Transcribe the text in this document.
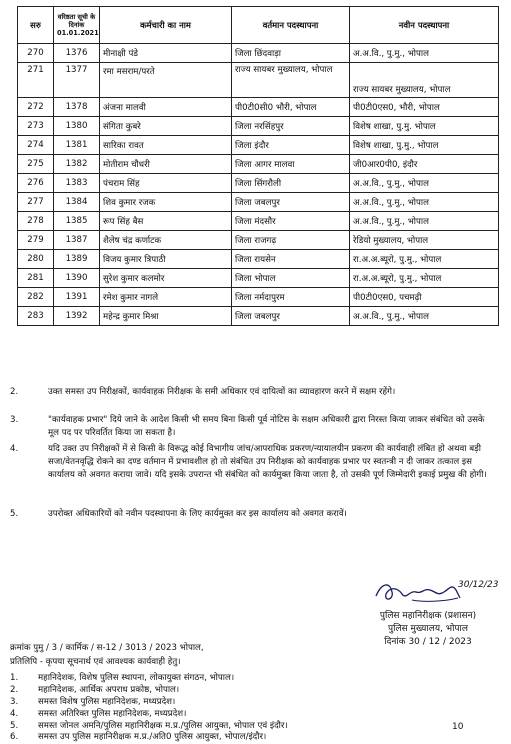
सरु	वरिष्ठता सूची के दिनांक 01.01.2021	कर्मचारी का नाम	वर्तमान पदस्थापना	नवीन पदस्थापना
270	1376	मीनाक्षी पंडे	जिला छिंदवाड़ा	अ.अ.वि., पु.मु., भोपाल
271	1377	रमा मसराम/परते	राज्य सायबर मुख्यालय, भोपाल	राज्य सायबर मुख्यालय, भोपाल
272	1378	अंजना मालवी	पी0टी0सी0 भौरी, भोपाल	पी0टी0एस0, भौरी, भोपाल
273	1380	संगिता कुबरे	जिला नरसिंहपुर	विशेष शाखा, पु.मु. भोपाल
274	1381	सारिका रावत	जिला इंदौर	विशेष शाखा, पु.मु., भोपाल
275	1382	मोतीराम चौधरी	जिला आगर मालवा	जी0आर0पी0, इंदौर
276	1383	पंचराम सिंह	जिला सिंगरौली	अ.अ.वि., पु.मु., भोपाल
277	1384	शिव कुमार रजक	जिला जबलपुर	अ.अ.वि., पु.मु., भोपाल
278	1385	रूप सिंह बैस	जिला मंदसौर	अ.अ.वि., पु.मु., भोपाल
279	1387	शैलेष चंद्र कर्णाटक	जिला राजगढ़	रेडियो मुख्यालय, भोपाल
280	1389	विजय कुमार त्रिपाठी	जिला रायसेन	रा.अ.अ.ब्यूरो, पु.मु., भोपाल
281	1390	सुरेश कुमार कलमोर	जिला भोपाल	रा.अ.अ.ब्यूरो, पु.मु., भोपाल
282	1391	रमेश कुमार नागले	जिला नर्मदापुरम	पी0टी0एस0, पचमढ़ी
283	1392	महेन्द्र कुमार मिश्रा	जिला जबलपुर	अ.अ.वि., पु.मु., भोपाल
2.	उक्त समस्त उप निरीक्षकों, कार्यवाहक निरीक्षक के समी अधिकार एवं दायित्वों का व्यावहारण करने में सक्षम रहेंगे।
3.	"कार्यवाहक प्रभार" दिये जाने के आदेश किसी भी समय बिना किसी पूर्व नोटिस के सक्षम अधिकारी द्वारा निरस्त किया जाकर संबंधित को उसके मूल पद पर परिवर्तित किया जा सकता है।
4.	यदि उक्त उप निरीक्षकों में से किसी के विरूद्ध कोई विभागीय जांच/आपराधिक प्रकरण/न्यायालयीन प्रकरण की कार्यवाही लंबित हो अथवा बड़ी सजा/वेतनवृद्धि रोकने का दण्ड वर्तमान में प्रभावशील हो तो संबंधित उप निरीक्षक को कार्यवाहक प्रभार पर स्वतन्त्री न दी जाकर तत्काल इस कार्यालय को अवगत कराया जावे। यदि इसके उपरान्त भी संबंधित को कार्यमुक्त किया जाता है, तो उसकी पूर्ण जिम्मेदारी इकाई प्रमुख की होगी।
5.	उपरोक्त अधिकारियों को नवीन पदस्थापना के लिए कार्यमुक्त कर इस कार्यालय को अवगत करावें।
30/12/23
पुलिस महानिरीक्षक (प्रशासन)
पुलिस मुख्यालय, भोपाल
दिनांक 30 / 12 / 2023
क्रमांक पुमु / 3 / कार्मिक / स-12 / 3013 / 2023 भोपाल,
प्रतिलिपि - कृपया सूचनार्थ एवं आवश्यक कार्यवाही हेतु।
1. महानिदेशक, विशेष पुलिस स्थापना, लोकायुक्त संगठन, भोपाल।
2. महानिदेशक, आर्थिक अपराध प्रकोष्ठ, भोपाल।
3. समस्त विशेष पुलिस महानिदेशक, मध्यप्रदेश।
4. समस्त अतिरिक्त पुलिस महानिदेशक, मध्यप्रदेश।
5. समस्त जोनल अमनि/पुलिस महानिरीक्षक म.प्र./पुलिस आयुक्त, भोपाल एवं इंदौर।
6. समस्त उप पुलिस महानिरीक्षक म.प्र./अति0 पुलिस आयुक्त, भोपाल/इंदौर।
10
